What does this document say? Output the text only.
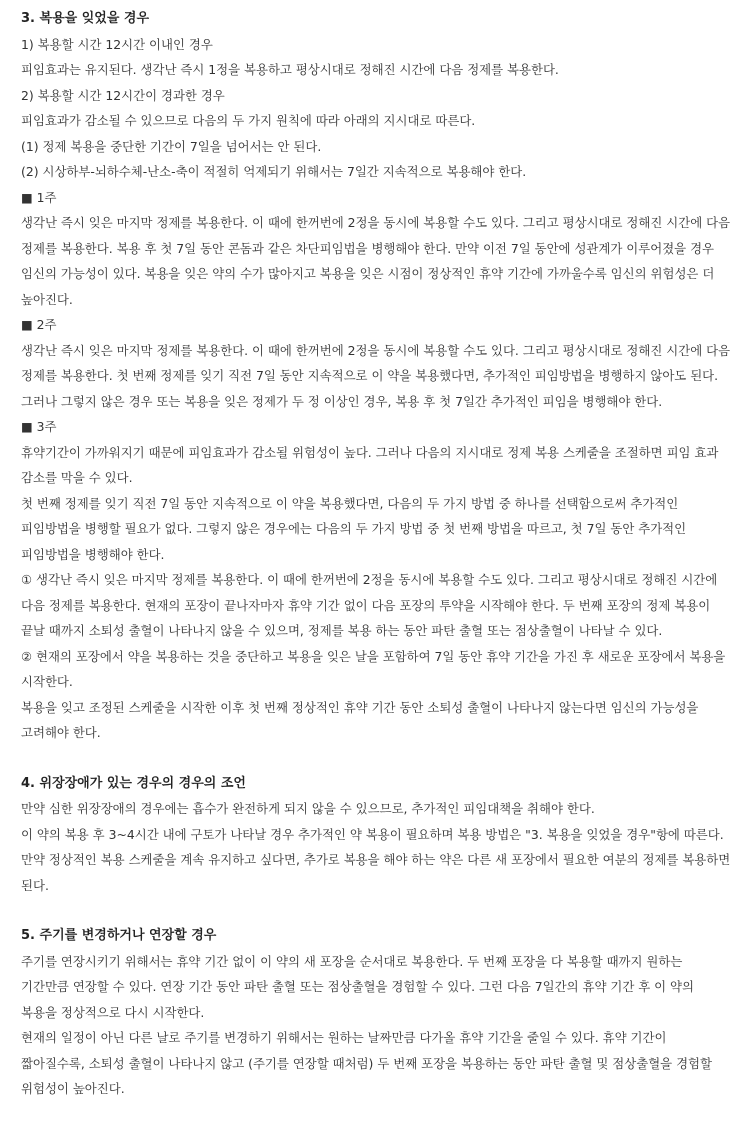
3. 복용을 잊었을 경우

1) 복용할 시간 12시간 이내인 경우

피임효과는 유지된다. 생각난 즉시 1정을 복용하고 평상시대로 정해진 시간에 다음 정제를 복용한다.

2) 복용할 시간 12시간이 경과한 경우

피임효과가 감소될 수 있으므로 다음의 두 가지 원칙에 따라 아래의 지시대로 따른다.

(1) 정제 복용을 중단한 기간이 7일을 넘어서는 안 된다.

(2) 시상하부-뇌하수체-난소-축이 적절히 억제되기 위해서는 7일간 지속적으로 복용해야 한다.

■ 1주

생각난 즉시 잊은 마지막 정제를 복용한다. 이 때에 한꺼번에 2정을 동시에 복용할 수도 있다. 그리고 평상시대로 정해진 시간에 다음 정제를 복용한다. 복용 후 첫 7일 동안 콘돔과 같은 차단피임법을 병행해야 한다. 만약 이전 7일 동안에 성관계가 이루어졌을 경우 임신의 가능성이 있다. 복용을 잊은 약의 수가 많아지고 복용을 잊은 시점이 정상적인 휴약 기간에 가까울수록 임신의 위험성은 더 높아진다.

■ 2주

생각난 즉시 잊은 마지막 정제를 복용한다. 이 때에 한꺼번에 2정을 동시에 복용할 수도 있다. 그리고 평상시대로 정해진 시간에 다음 정제를 복용한다. 첫 번째 정제를 잊기 직전 7일 동안 지속적으로 이 약을 복용했다면, 추가적인 피임방법을 병행하지 않아도 된다. 그러나 그렇지 않은 경우 또는 복용을 잊은 정제가 두 정 이상인 경우, 복용 후 첫 7일간 추가적인 피임을 병행해야 한다.

■ 3주

휴약기간이 가까워지기 때문에 피임효과가 감소될 위험성이 높다. 그러나 다음의 지시대로 정제 복용 스케줄을 조절하면 피임 효과 감소를 막을 수 있다.

첫 번째 정제를 잊기 직전 7일 동안 지속적으로 이 약을 복용했다면, 다음의 두 가지 방법 중 하나를 선택함으로써 추가적인 피임방법을 병행할 필요가 없다. 그렇지 않은 경우에는 다음의 두 가지 방법 중 첫 번째 방법을 따르고, 첫 7일 동안 추가적인 피임방법을 병행해야 한다.

① 생각난 즉시 잊은 마지막 정제를 복용한다. 이 때에 한꺼번에 2정을 동시에 복용할 수도 있다. 그리고 평상시대로 정해진 시간에 다음 정제를 복용한다. 현재의 포장이 끝나자마자 휴약 기간 없이 다음 포장의 투약을 시작해야 한다. 두 번째 포장의 정제 복용이 끝날 때까지 소퇴성 출혈이 나타나지 않을 수 있으며, 정제를 복용 하는 동안 파탄 출혈 또는 점상출혈이 나타날 수 있다.

② 현재의 포장에서 약을 복용하는 것을 중단하고 복용을 잊은 날을 포함하여 7일 동안 휴약 기간을 가진 후 새로운 포장에서 복용을 시작한다.

복용을 잊고 조정된 스케줄을 시작한 이후 첫 번째 정상적인 휴약 기간 동안 소퇴성 출혈이 나타나지 않는다면 임신의 가능성을 고려해야 한다.

4. 위장장애가 있는 경우의 경우의 조언

만약 심한 위장장애의 경우에는 흡수가 완전하게 되지 않을 수 있으므로, 추가적인 피임대책을 취해야 한다.

이 약의 복용 후 3~4시간 내에 구토가 나타날 경우 추가적인 약 복용이 필요하며 복용 방법은 "3. 복용을 잊었을 경우"항에 따른다. 만약 정상적인 복용 스케줄을 계속 유지하고 싶다면, 추가로 복용을 해야 하는 약은 다른 새 포장에서 필요한 여분의 정제를 복용하면 된다.

5. 주기를 변경하거나 연장할 경우

주기를 연장시키기 위해서는 휴약 기간 없이 이 약의 새 포장을 순서대로 복용한다. 두 번째 포장을 다 복용할 때까지 원하는 기간만큼 연장할 수 있다. 연장 기간 동안 파탄 출혈 또는 점상출혈을 경험할 수 있다. 그런 다음 7일간의 휴약 기간 후 이 약의 복용을 정상적으로 다시 시작한다.

현재의 일정이 아닌 다른 날로 주기를 변경하기 위해서는 원하는 날짜만큼 다가올 휴약 기간을 줄일 수 있다. 휴약 기간이 짧아질수록, 소퇴성 출혈이 나타나지 않고 (주기를 연장할 때처럼) 두 번째 포장을 복용하는 동안 파탄 출혈 및 점상출혈을 경험할 위험성이 높아진다.
